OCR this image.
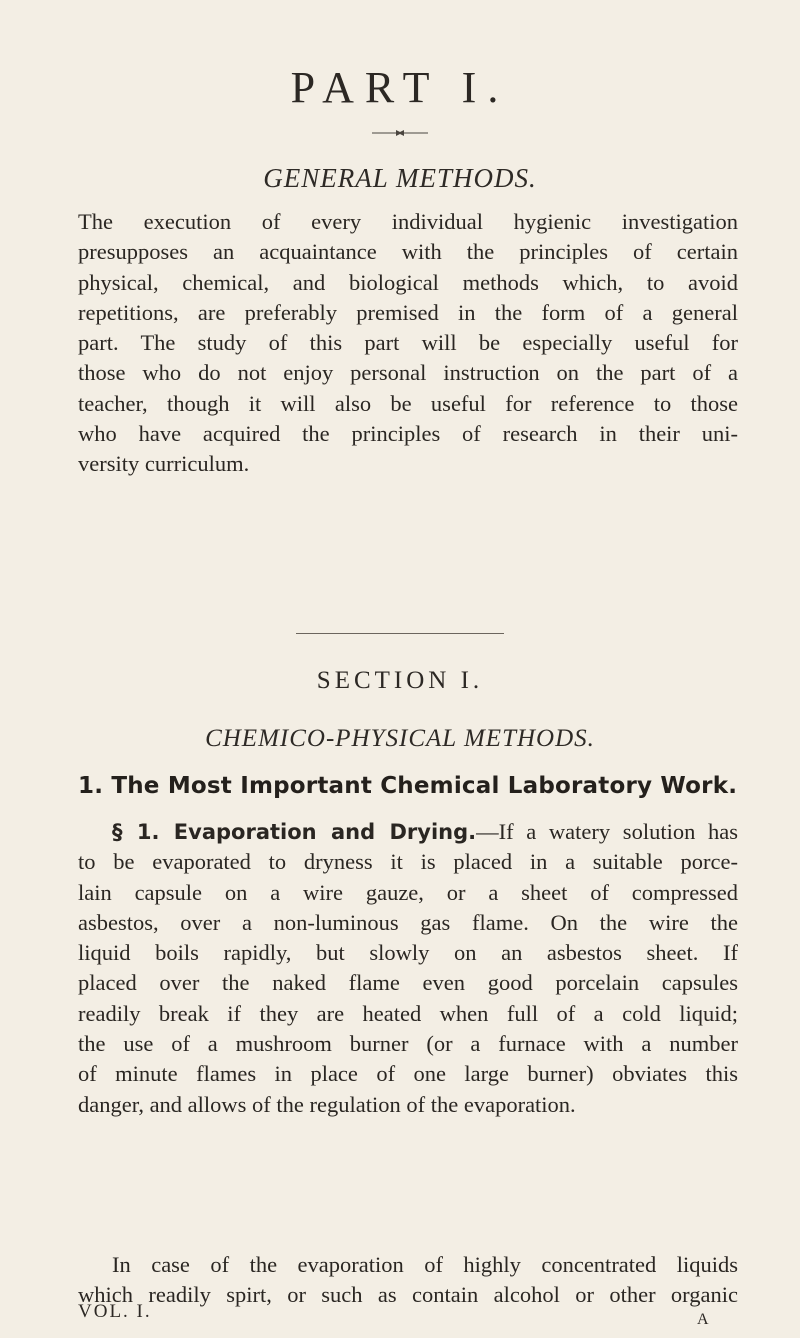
PART I.
GENERAL METHODS.
The execution of every individual hygienic investigation
presupposes an acquaintance with the principles of certain
physical, chemical, and biological methods which, to avoid
repetitions, are preferably premised in the form of a general
part. The study of this part will be especially useful for
those who do not enjoy personal instruction on the part of a
teacher, though it will also be useful for reference to those
who have acquired the principles of research in their uni-
versity curriculum.
SECTION I.
CHEMICO-PHYSICAL METHODS.
1. The Most Important Chemical Laboratory Work.
§ 1. Evaporation and Drying.—If a watery solution has
to be evaporated to dryness it is placed in a suitable porce-
lain capsule on a wire gauze, or a sheet of compressed
asbestos, over a non-luminous gas flame. On the wire the
liquid boils rapidly, but slowly on an asbestos sheet. If
placed over the naked flame even good porcelain capsules
readily break if they are heated when full of a cold liquid;
the use of a mushroom burner (or a furnace with a number
of minute flames in place of one large burner) obviates this
danger, and allows of the regulation of the evaporation.
In case of the evaporation of highly concentrated liquids
which readily spirt, or such as contain alcohol or other organic
VOL. I.	A
